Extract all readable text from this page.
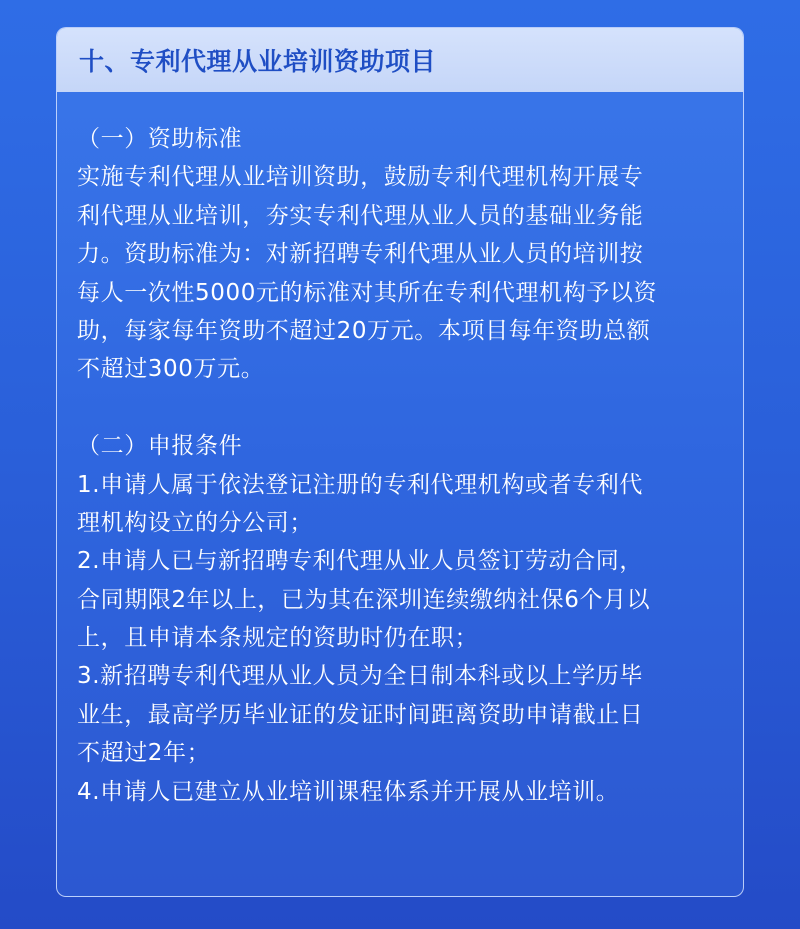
十、专利代理从业培训资助项目
（一）资助标准
实施专利代理从业培训资助，鼓励专利代理机构开展专
利代理从业培训，夯实专利代理从业人员的基础业务能
力。资助标准为：对新招聘专利代理从业人员的培训按
每人一次性5000元的标准对其所在专利代理机构予以资
助，每家每年资助不超过20万元。本项目每年资助总额
不超过300万元。
（二）申报条件
1.申请人属于依法登记注册的专利代理机构或者专利代
理机构设立的分公司；
2.申请人已与新招聘专利代理从业人员签订劳动合同，
合同期限2年以上，已为其在深圳连续缴纳社保6个月以
上，且申请本条规定的资助时仍在职；
3.新招聘专利代理从业人员为全日制本科或以上学历毕
业生，最高学历毕业证的发证时间距离资助申请截止日
不超过2年；
4.申请人已建立从业培训课程体系并开展从业培训。
